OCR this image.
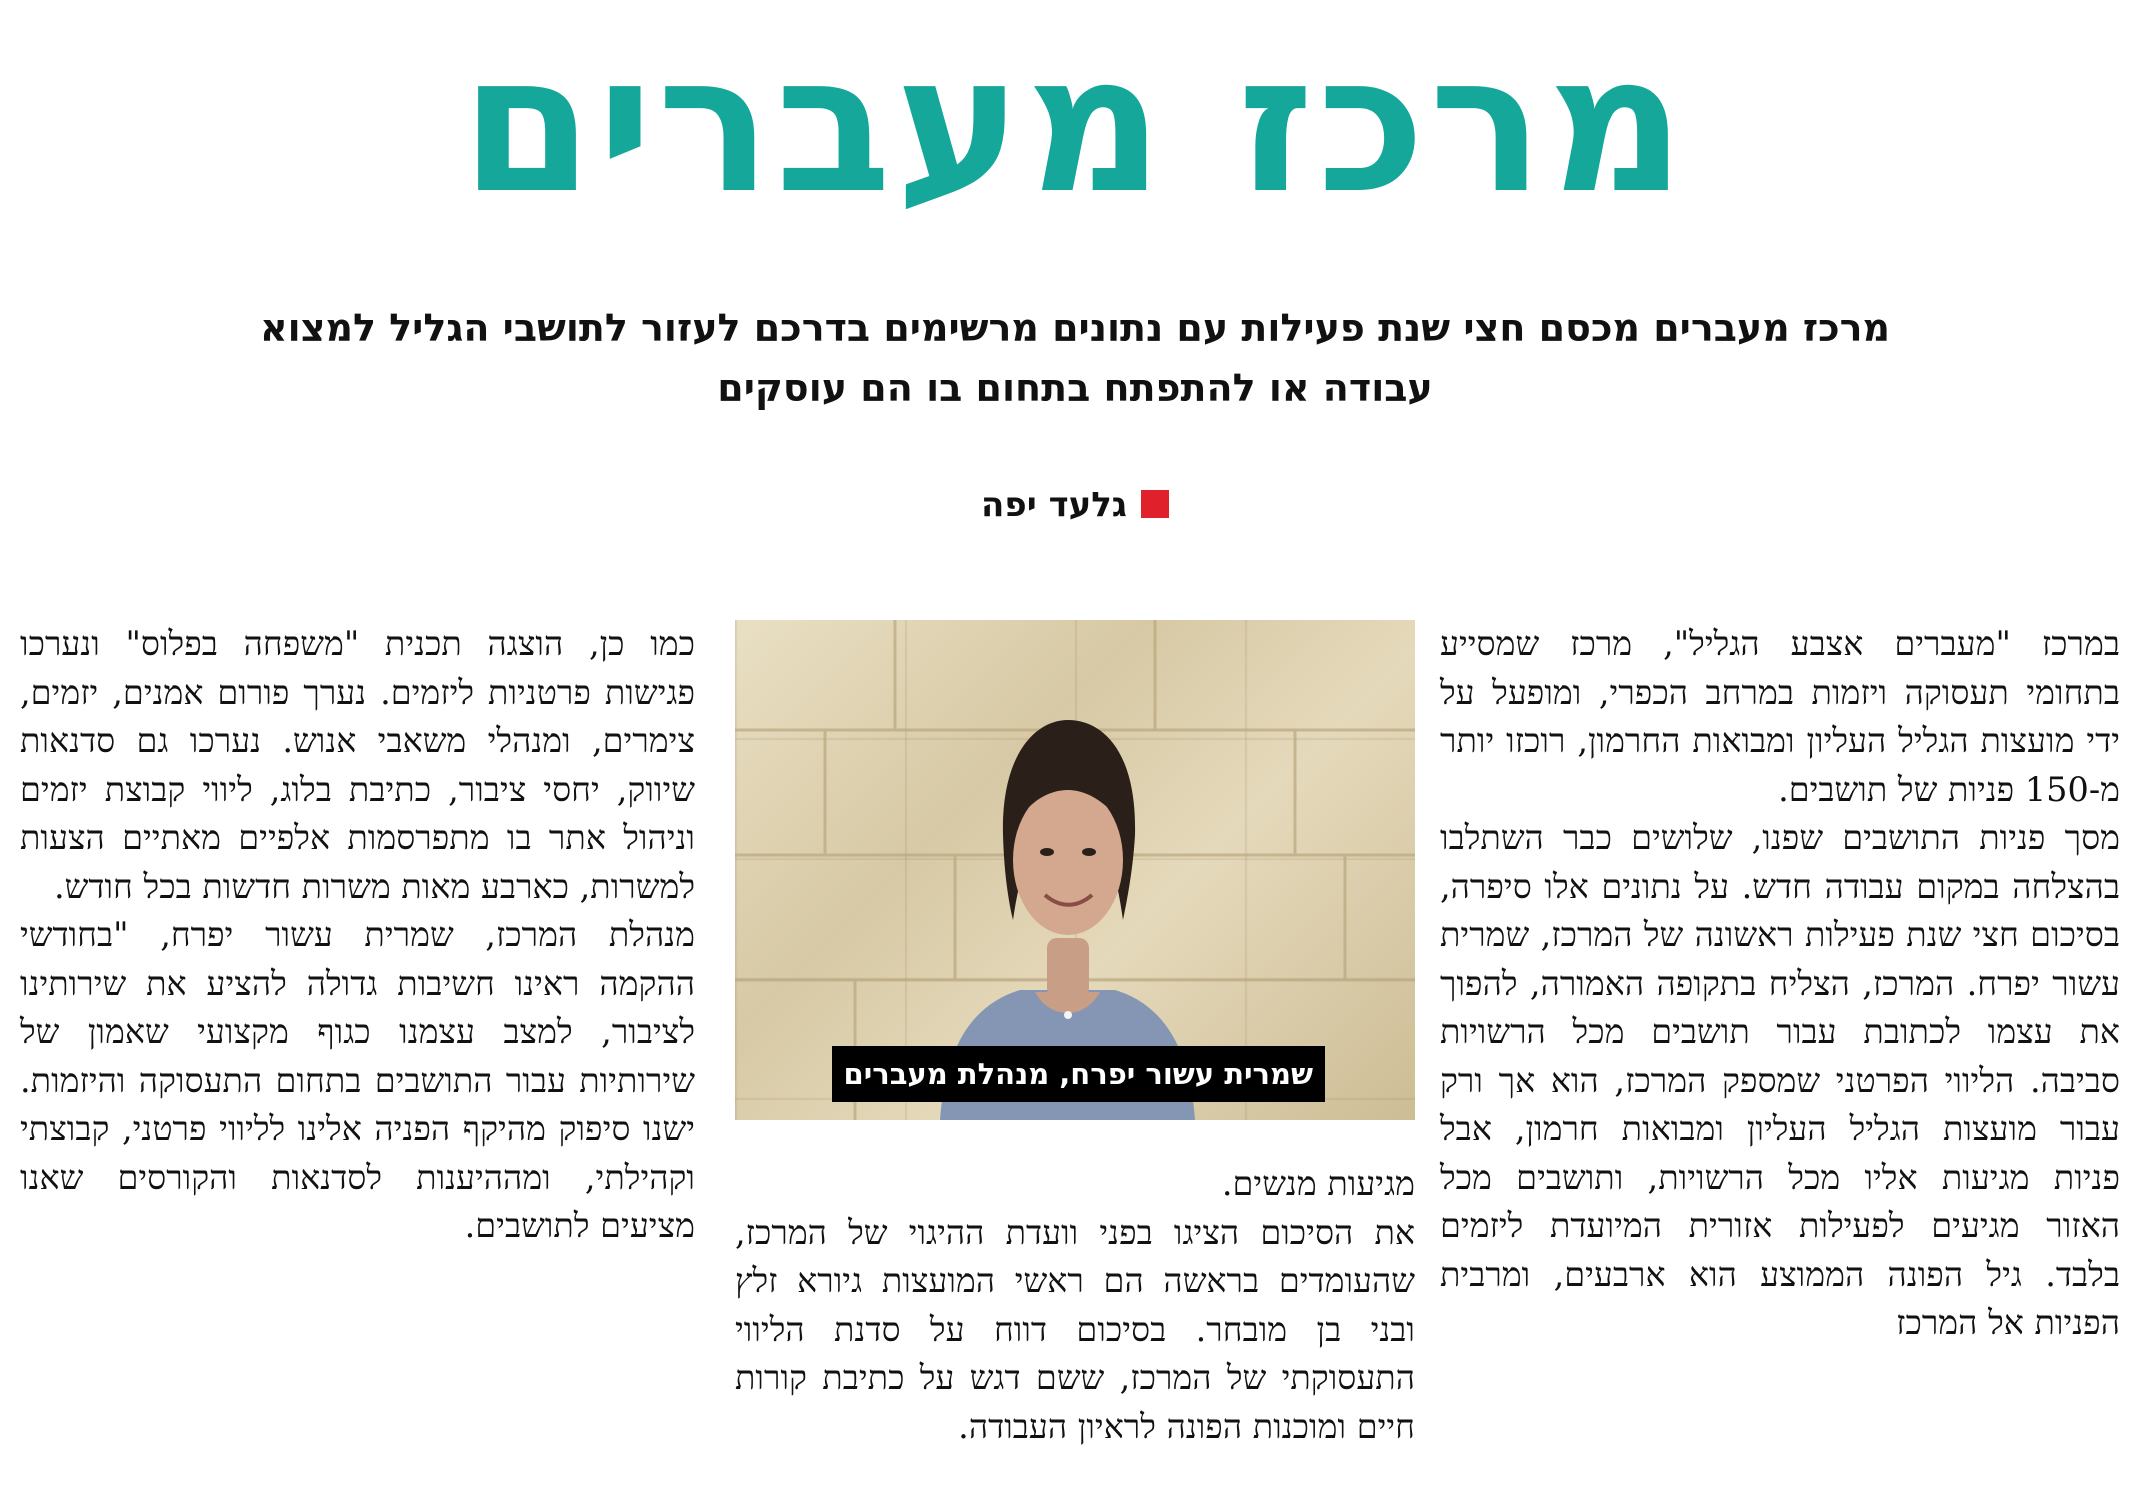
מרכז מעברים
מרכז מעברים מכסם חצי שנת פעילות עם נתונים מרשימים בדרכם לעזור לתושבי הגליל למצוא
עבודה או להתפתח בתחום בו הם עוסקים
גלעד יפה

במרכז "מעברים אצבע הגליל", מרכז שמסייע בתחומי תעסוקה ויזמות במרחב הכפרי, ומופעל על ידי מועצות הגליל העליון ומבואות החרמון, רוכזו יותר מ-150 פניות של תושבים.

מסך פניות התושבים שפנו, שלושים כבר השתלבו בהצלחה במקום עבודה חדש. על נתונים אלו סיפרה, בסיכום חצי שנת פעילות ראשונה של המרכז, שמרית עשור יפרח. המרכז, הצליח בתקופה האמורה, להפוך את עצמו לכתובת עבור תושבים מכל הרשויות סביבה. הליווי הפרטני שמספק המרכז, הוא אך ורק עבור מועצות הגליל העליון ומבואות חרמון, אבל פניות מגיעות אליו מכל הרשויות, ותושבים מכל האזור מגיעים לפעילות אזורית המיועדת ליזמים בלבד. גיל הפונה הממוצע הוא ארבעים, ומרבית הפניות אל המרכז

שמרית עשור יפרח, מנהלת מעברים

מגיעות מנשים.

את הסיכום הציגו בפני וועדת ההיגוי של המרכז, שהעומדים בראשה הם ראשי המועצות גיורא זלץ ובני בן מובחר. בסיכום דווח על סדנת הליווי התעסוקתי של המרכז, ששם דגש על כתיבת קורות חיים ומוכנות הפונה לראיון העבודה.

כמו כן, הוצגה תכנית "משפחה בפלוס" ונערכו פגישות פרטניות ליזמים. נערך פורום אמנים, יזמים, צימרים, ומנהלי משאבי אנוש. נערכו גם סדנאות שיווק, יחסי ציבור, כתיבת בלוג, ליווי קבוצת יזמים וניהול אתר בו מתפרסמות אלפיים מאתיים הצעות למשרות, כארבע מאות משרות חדשות בכל חודש.

מנהלת המרכז, שמרית עשור יפרח, "בחודשי ההקמה ראינו חשיבות גדולה להציע את שירותינו לציבור, למצב עצמנו כגוף מקצועי שאמון של שירותיות עבור התושבים בתחום התעסוקה והיזמות. ישנו סיפוק מהיקף הפניה אלינו לליווי פרטני, קבוצתי וקהילתי, ומההיענות לסדנאות והקורסים שאנו מציעים לתושבים.
